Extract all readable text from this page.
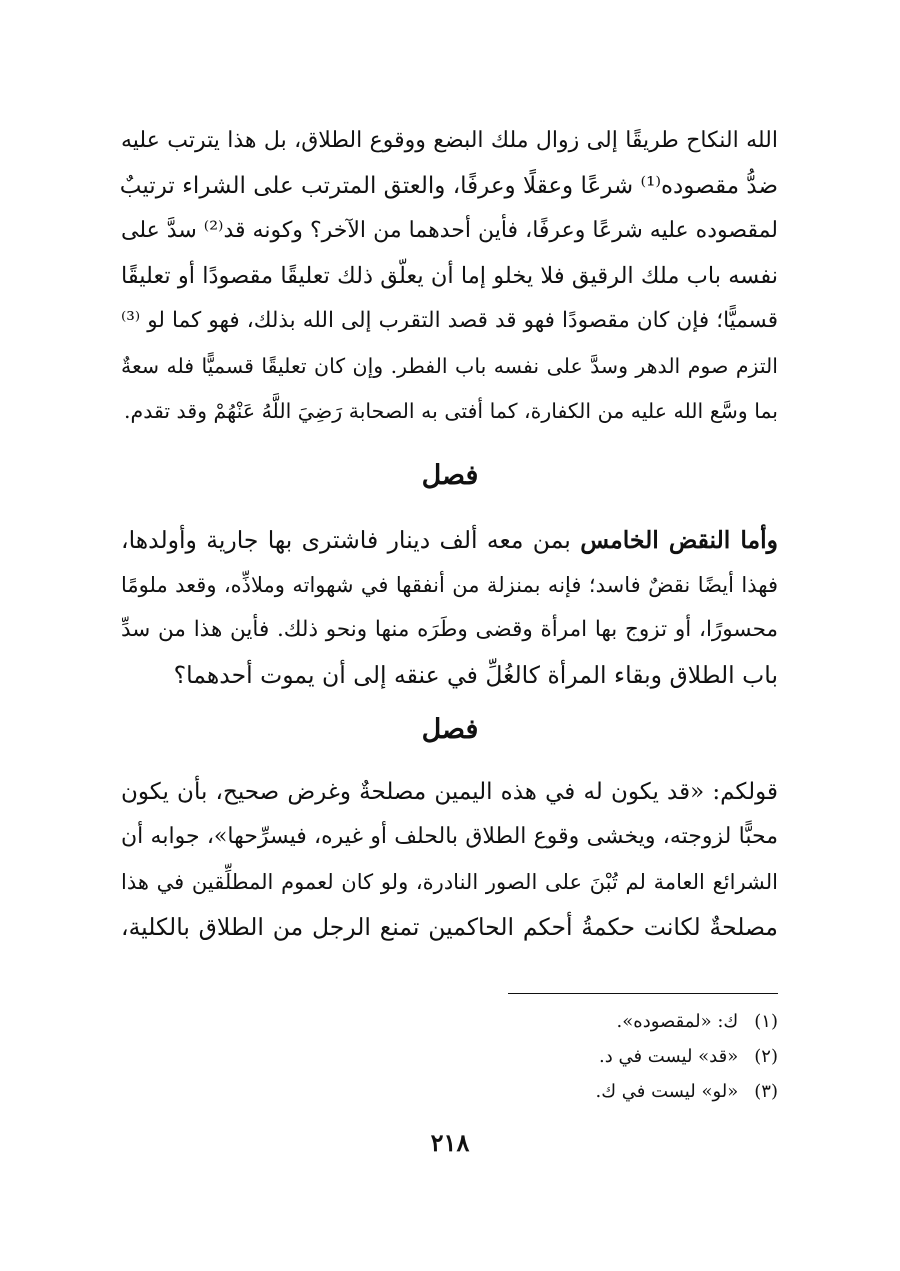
الله النكاح طريقًا إلى زوال ملك البضع ووقوع الطلاق، بل هذا يترتب عليه
ضدُّ مقصوده⁽¹⁾ شرعًا وعقلًا وعرفًا، والعتق المترتب على الشراء ترتيبٌ
لمقصوده عليه شرعًا وعرفًا، فأين أحدهما من الآخر؟ وكونه قد⁽²⁾ سدَّ على
نفسه باب ملك الرقيق فلا يخلو إما أن يعلّق ذلك تعليقًا مقصودًا أو تعليقًا
قسميًّا؛ فإن كان مقصودًا فهو قد قصد التقرب إلى الله بذلك، فهو كما لو ⁽³⁾
التزم صوم الدهر وسدَّ على نفسه باب الفطر. وإن كان تعليقًا قسميًّا فله سعةٌ
بما وسَّع الله عليه من الكفارة، كما أفتى به الصحابة رَضِيَ اللَّهُ عَنْهُمْ وقد تقدم.
فصل
وأما النقض الخامس بمن معه ألف دينار فاشترى بها جارية وأولدها،
فهذا أيضًا نقضٌ فاسد؛ فإنه بمنزلة من أنفقها في شهواته وملاذِّه، وقعد ملومًا
محسورًا، أو تزوج بها امرأة وقضى وطَرَه منها ونحو ذلك. فأين هذا من سدِّ
باب الطلاق وبقاء المرأة كالغُلِّ في عنقه إلى أن يموت أحدهما؟
فصل
قولكم: «قد يكون له في هذه اليمين مصلحةٌ وغرض صحيح، بأن يكون
محبًّا لزوجته، ويخشى وقوع الطلاق بالحلف أو غيره، فيسرِّحها»، جوابه أن
الشرائع العامة لم تُبْنَ على الصور النادرة، ولو كان لعموم المطلِّقين في هذا
مصلحةٌ لكانت حكمةُ أحكم الحاكمين تمنع الرجل من الطلاق بالكلية،
(١) ك: «لمقصوده».
(٢) «قد» ليست في د.
(٣) «لو» ليست في ك.
٢١٨
